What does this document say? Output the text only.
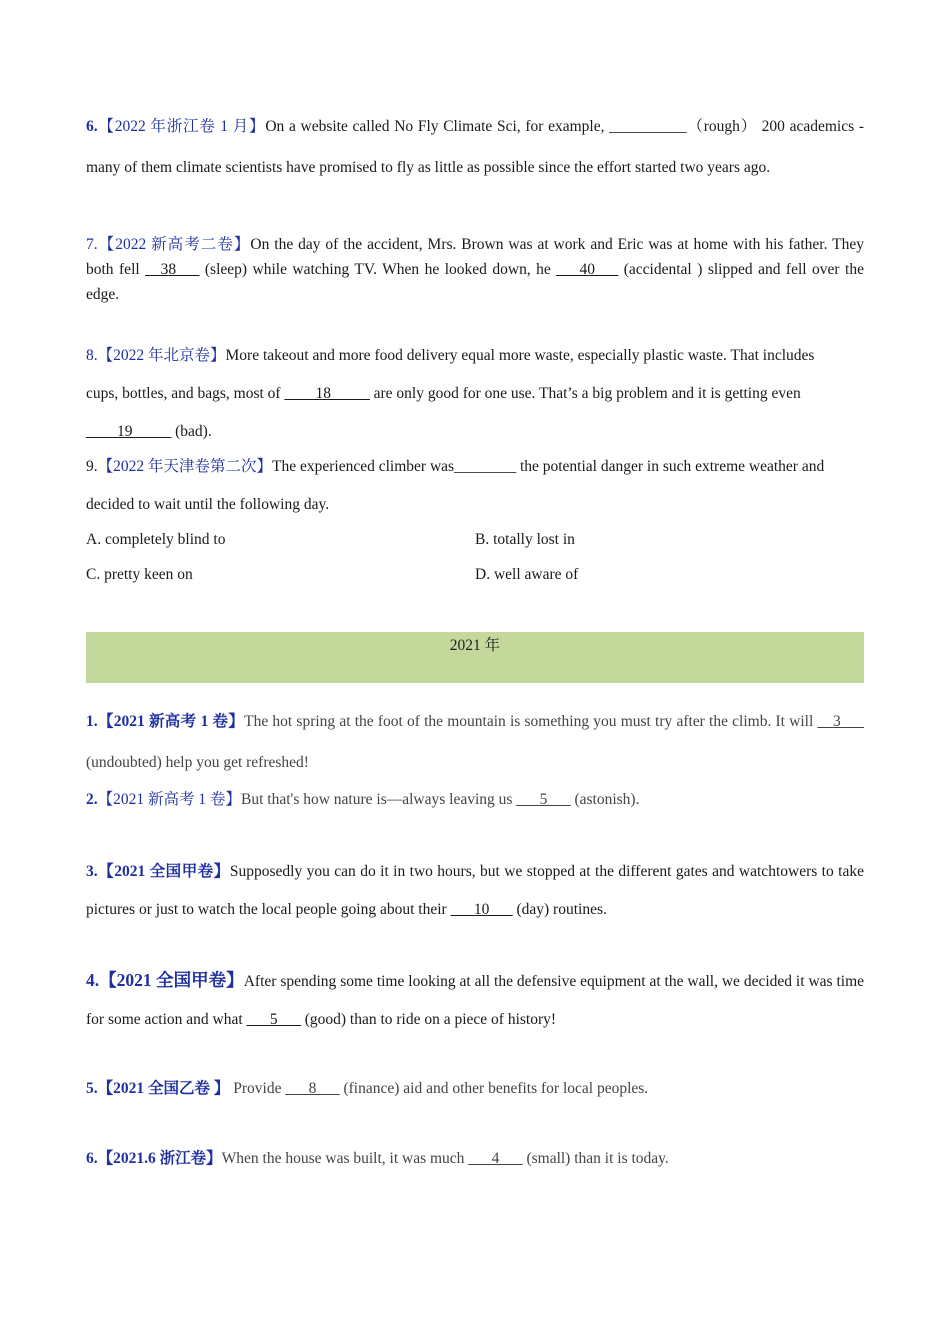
6.【2022 年浙江卷 1 月】On a website called No Fly Climate Sci, for example, __________（rough） 200 academics - many of them climate scientists have promised to fly as little as possible since the effort started two years ago.
7.【2022 新高考二卷】On the day of the accident, Mrs. Brown was at work and Eric was at home with his father. They both fell __38___ (sleep) while watching TV. When he looked down, he ___40___ (accidental ) slipped and fell over the edge.
8.【2022 年北京卷】More takeout and more food delivery equal more waste, especially plastic waste. That includes cups, bottles, and bags, most of ____18_____ are only good for one use. That’s a big problem and it is getting even ____19_____ (bad).
9.【2022 年天津卷第二次】The experienced climber was________ the potential danger in such extreme weather and decided to wait until the following day.
A. completely blind to	B. totally lost in
C. pretty keen on	D. well aware of
2021 年
1.【2021 新高考 1 卷】The hot spring at the foot of the mountain is something you must try after the climb. It will __3___ (undoubted) help you get refreshed!
2.【2021 新高考 1 卷】But that's how nature is—always leaving us ___5___ (astonish).
3.【2021 全国甲卷】Supposedly you can do it in two hours, but we stopped at the different gates and watchtowers to take pictures or just to watch the local people going about their ___10___ (day) routines.
4.【2021 全国甲卷】After spending some time looking at all the defensive equipment at the wall, we decided it was time for some action and what ___5___ (good) than to ride on a piece of history!
5.【2021 全国乙卷 】 Provide ___8___ (finance) aid and other benefits for local peoples.
6.【2021.6 浙江卷】When the house was built, it was much ___4___ (small) than it is today.
